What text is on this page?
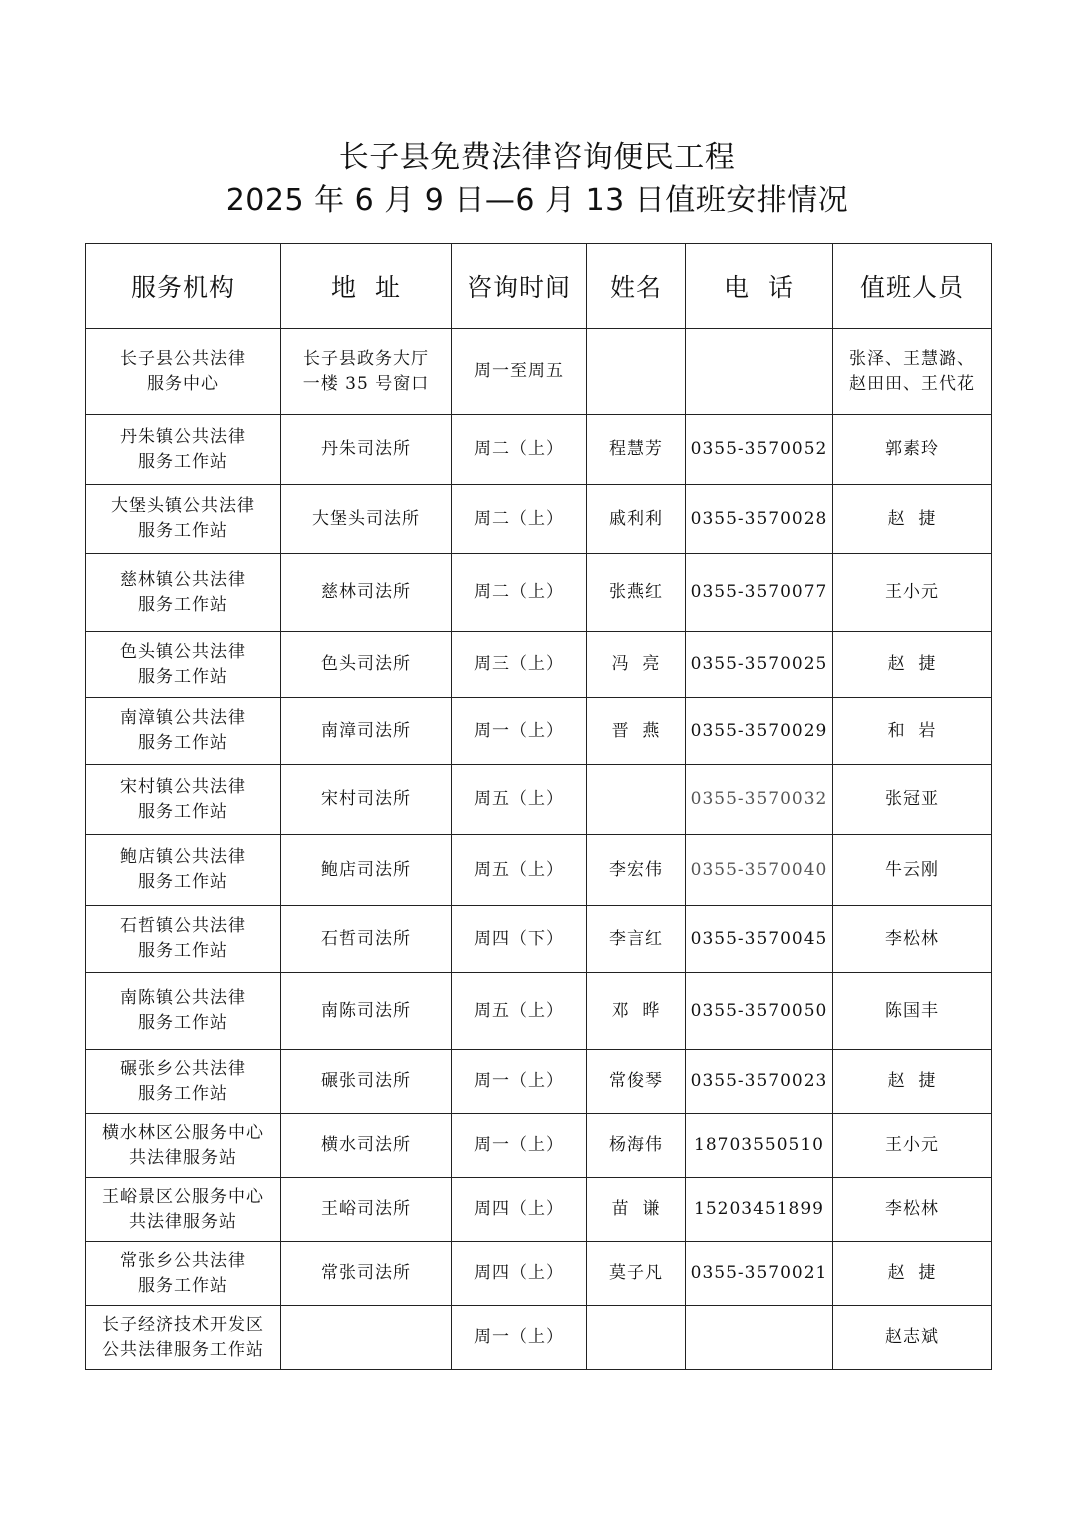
长子县免费法律咨询便民工程
2025 年 6 月 9 日—6 月 13 日值班安排情况
服务机构	地  址	咨询时间	姓名	电  话	值班人员

长子县公共法律
服务中心	长子县政务大厅
一楼 35 号窗口	周一至周五			张泽、王慧潞、
赵田田、王代花

丹朱镇公共法律
服务工作站	丹朱司法所	周二（上）	程慧芳	0355-3570052	郭素玲

大堡头镇公共法律
服务工作站	大堡头司法所	周二（上）	戚利利	0355-3570028	赵  捷

慈林镇公共法律
服务工作站	慈林司法所	周二（上）	张燕红	0355-3570077	王小元

色头镇公共法律
服务工作站	色头司法所	周三（上）	冯  亮	0355-3570025	赵  捷

南漳镇公共法律
服务工作站	南漳司法所	周一（上）	晋  燕	0355-3570029	和  岩

宋村镇公共法律
服务工作站	宋村司法所	周五（上）		0355-3570032	张冠亚

鲍店镇公共法律
服务工作站	鲍店司法所	周五（上）	李宏伟	0355-3570040	牛云刚

石哲镇公共法律
服务工作站	石哲司法所	周四（下）	李言红	0355-3570045	李松林

南陈镇公共法律
服务工作站	南陈司法所	周五（上）	邓  晔	0355-3570050	陈国丰

碾张乡公共法律
服务工作站	碾张司法所	周一（上）	常俊琴	0355-3570023	赵  捷

横水林区公服务中心
共法律服务站	横水司法所	周一（上）	杨海伟	18703550510	王小元

王峪景区公服务中心
共法律服务站	王峪司法所	周四（上）	苗  谦	15203451899	李松林

常张乡公共法律
服务工作站	常张司法所	周四（上）	莫子凡	0355-3570021	赵  捷

长子经济技术开发区
公共法律服务工作站		周一（上）			赵志斌
